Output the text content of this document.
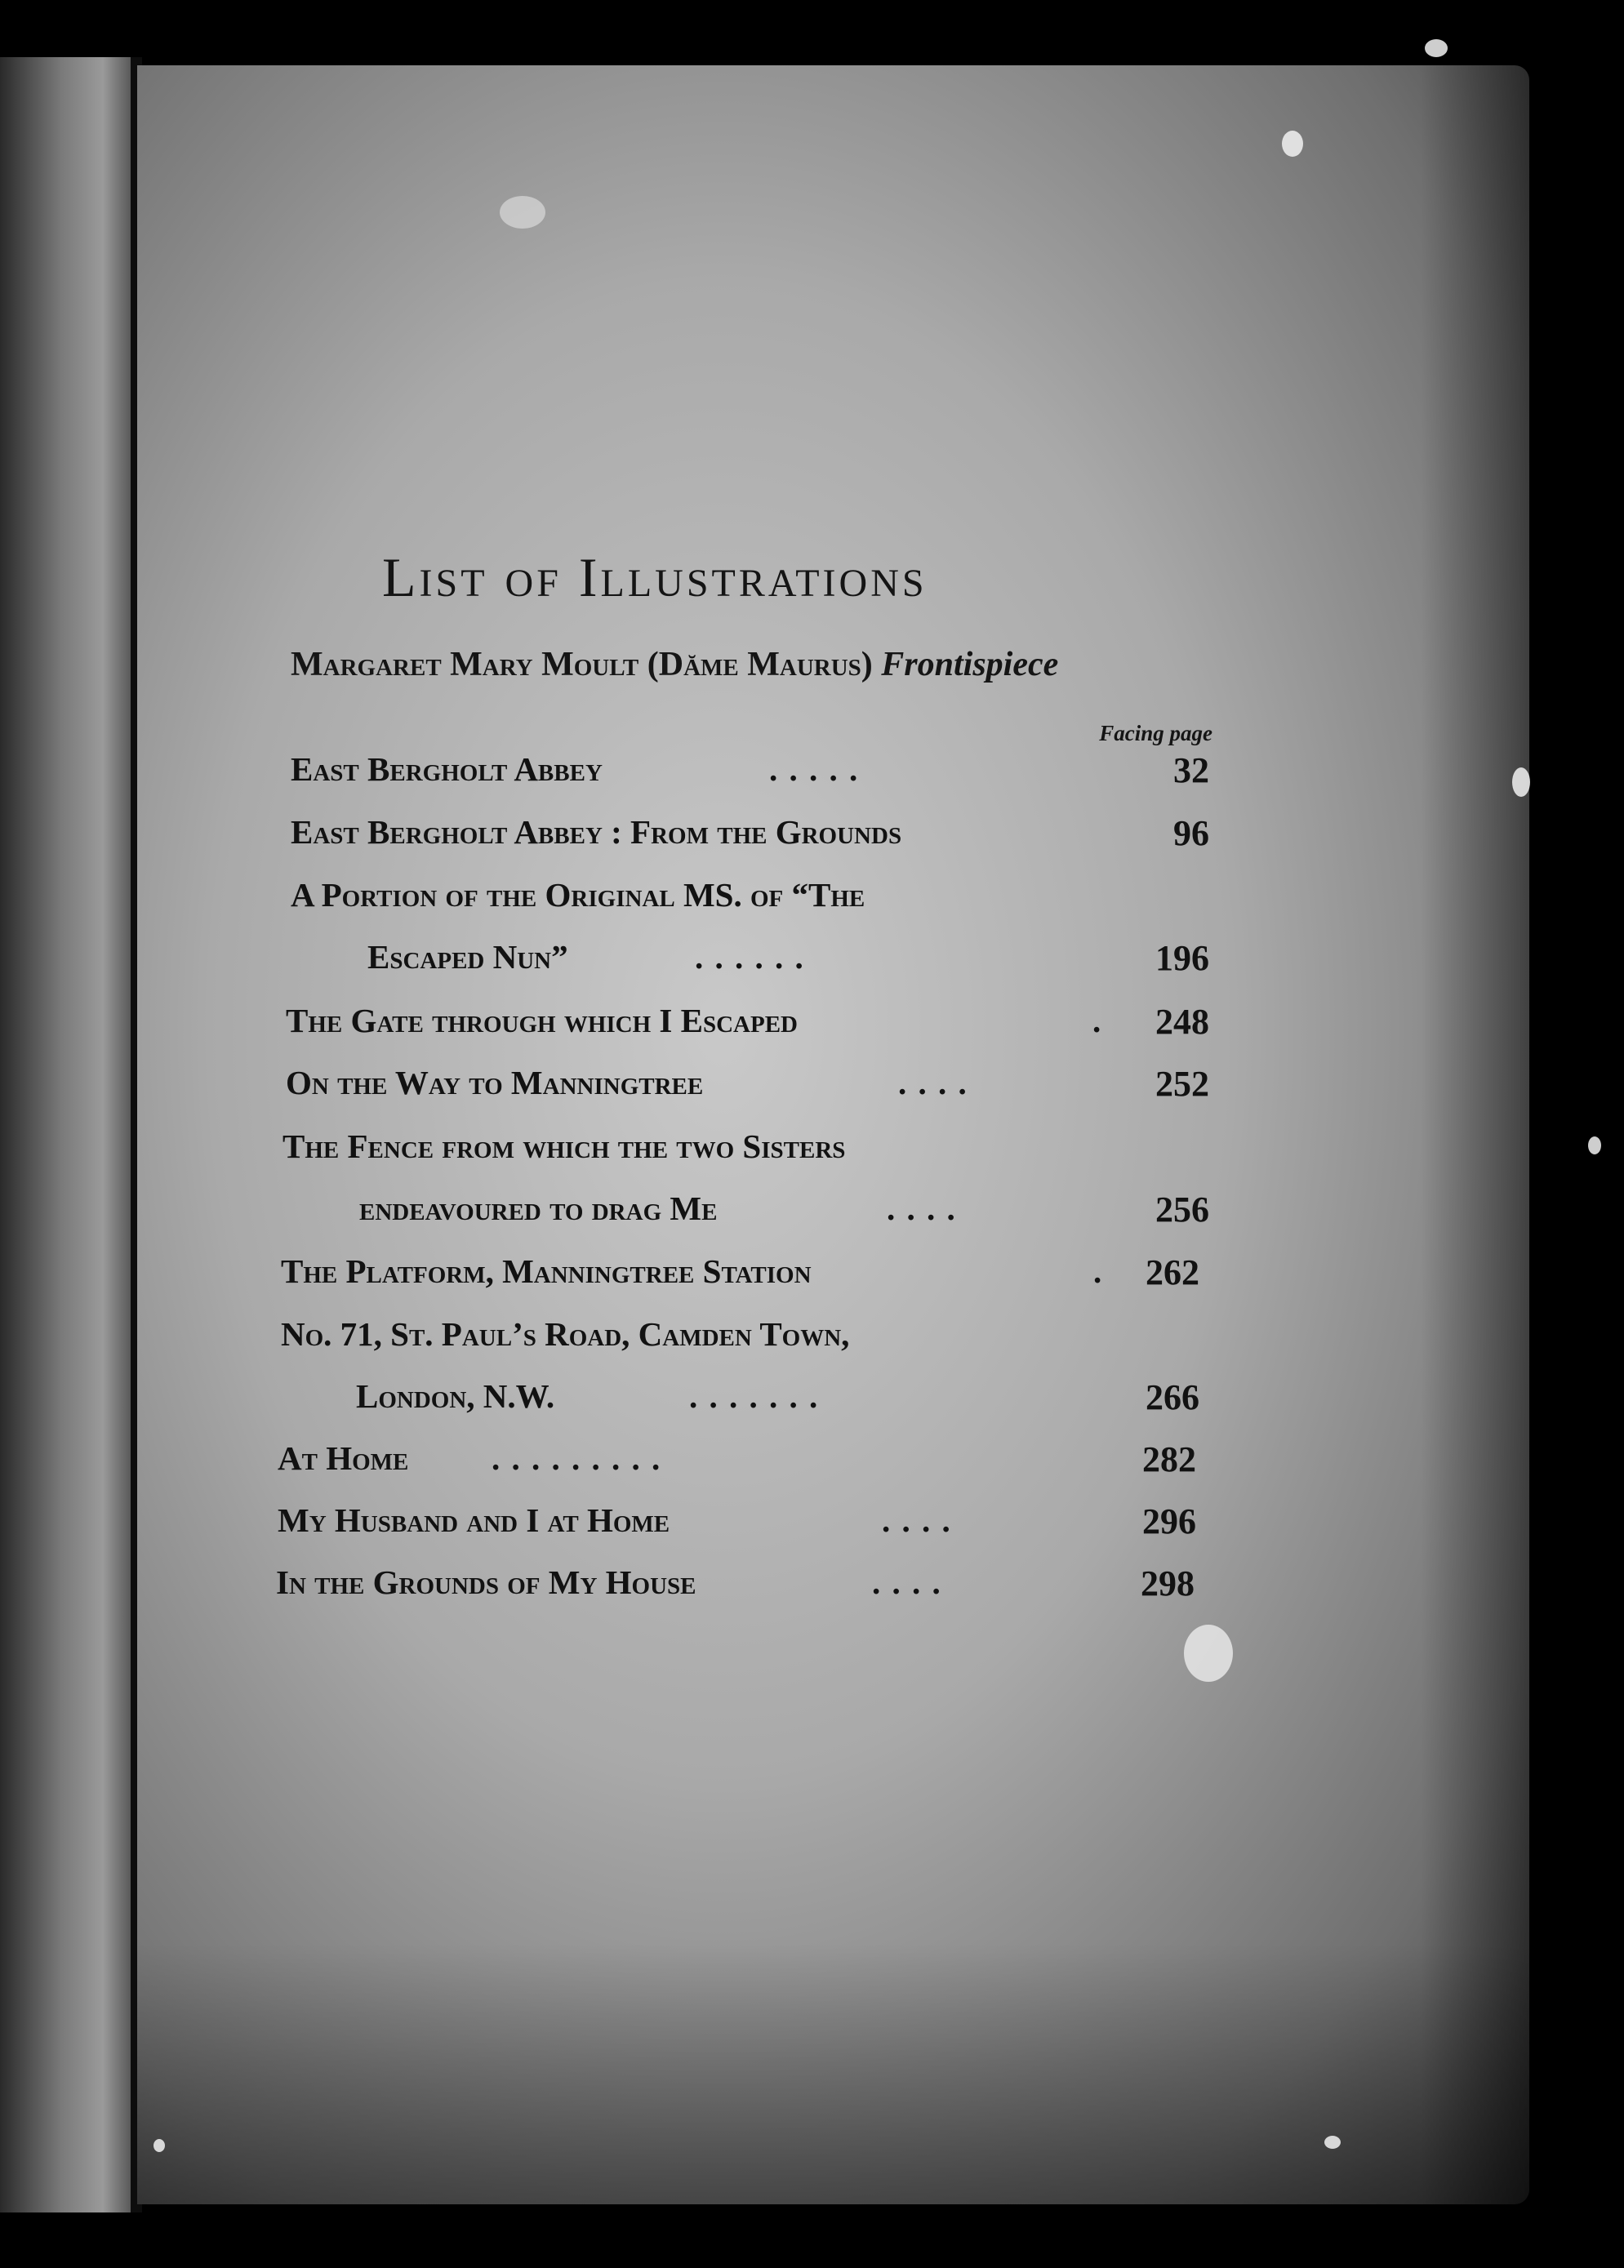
List of Illustrations
Margaret Mary Moult (Dăme Maurus) Frontispiece
Facing page
East Bergholt Abbey	. . . . .	32
East Bergholt Abbey : From the Grounds	96
A Portion of the Original MS. of “The
Escaped Nun”	. . . . . .	196
The Gate through which I Escaped	. 248
On the Way to Manningtree	. . . .	252
The Fence from which the two Sisters
endeavoured to drag Me	. . . .	256
The Platform, Manningtree Station	. 262
No. 71, St. Paul’s Road, Camden Town,
London, N.W.	. . . . . . .	266
At Home . . . . . . . . .	282
My Husband and I at Home	. . . .	296
In the Grounds of My House	. . . .	298
